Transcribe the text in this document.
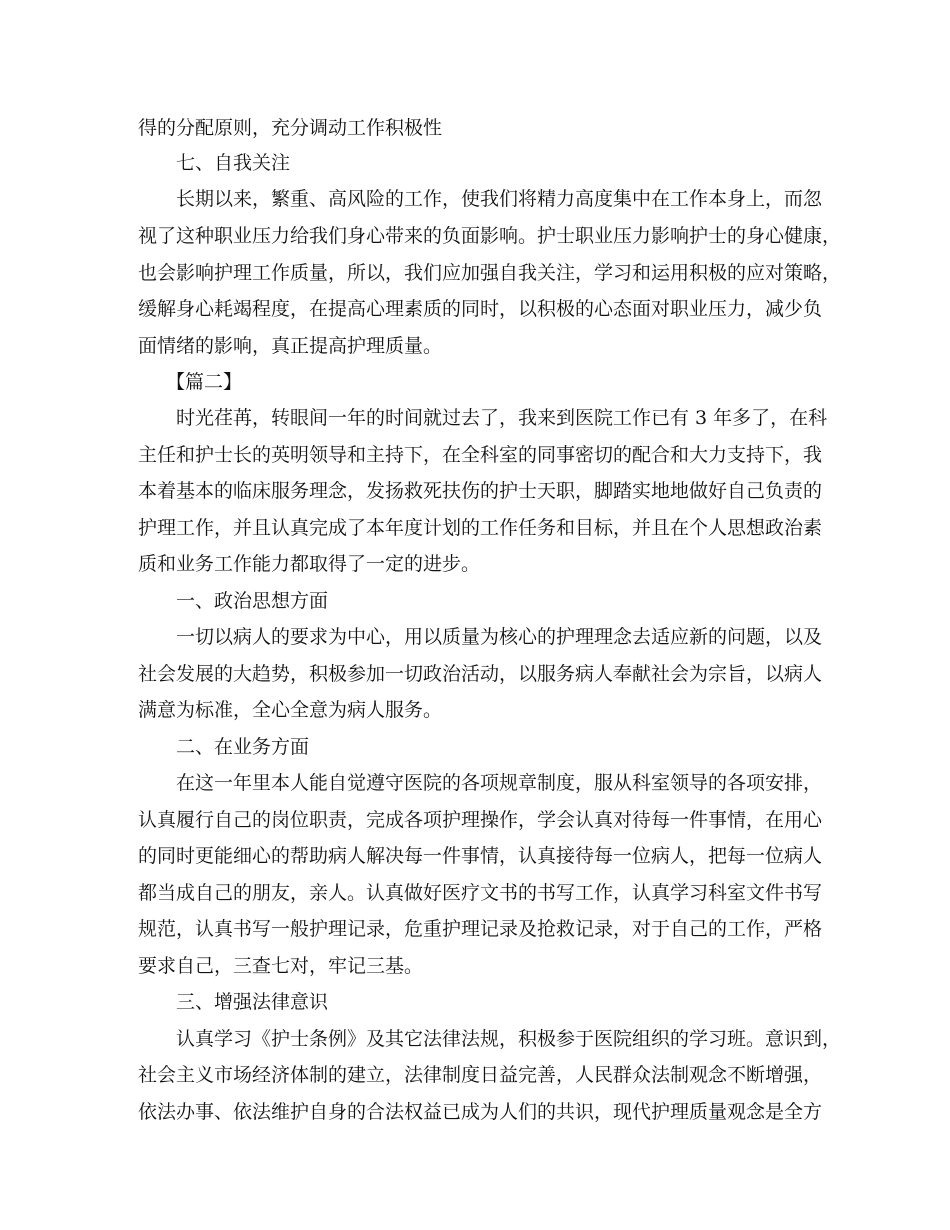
得的分配原则，充分调动工作积极性
七、自我关注
长期以来，繁重、高风险的工作，使我们将精力高度集中在工作本身上，而忽
视了这种职业压力给我们身心带来的负面影响。护士职业压力影响护士的身心健康，
也会影响护理工作质量，所以，我们应加强自我关注，学习和运用积极的应对策略，
缓解身心耗竭程度，在提高心理素质的同时，以积极的心态面对职业压力，减少负
面情绪的影响，真正提高护理质量。
【篇二】
时光荏苒，转眼间一年的时间就过去了，我来到医院工作已有 3 年多了，在科
主任和护士长的英明领导和主持下，在全科室的同事密切的配合和大力支持下，我
本着基本的临床服务理念，发扬救死扶伤的护士天职，脚踏实地地做好自己负责的
护理工作，并且认真完成了本年度计划的工作任务和目标，并且在个人思想政治素
质和业务工作能力都取得了一定的进步。
一、政治思想方面
一切以病人的要求为中心，用以质量为核心的护理理念去适应新的问题，以及
社会发展的大趋势，积极参加一切政治活动，以服务病人奉献社会为宗旨，以病人
满意为标准，全心全意为病人服务。
二、在业务方面
在这一年里本人能自觉遵守医院的各项规章制度，服从科室领导的各项安排，
认真履行自己的岗位职责，完成各项护理操作，学会认真对待每一件事情，在用心
的同时更能细心的帮助病人解决每一件事情，认真接待每一位病人，把每一位病人
都当成自己的朋友，亲人。认真做好医疗文书的书写工作，认真学习科室文件书写
规范，认真书写一般护理记录，危重护理记录及抢救记录，对于自己的工作，严格
要求自己，三查七对，牢记三基。
三、增强法律意识
认真学习《护士条例》及其它法律法规，积极参于医院组织的学习班。意识到，
社会主义市场经济体制的建立，法律制度日益完善，人民群众法制观念不断增强，
依法办事、依法维护自身的合法权益已成为人们的共识，现代护理质量观念是全方
